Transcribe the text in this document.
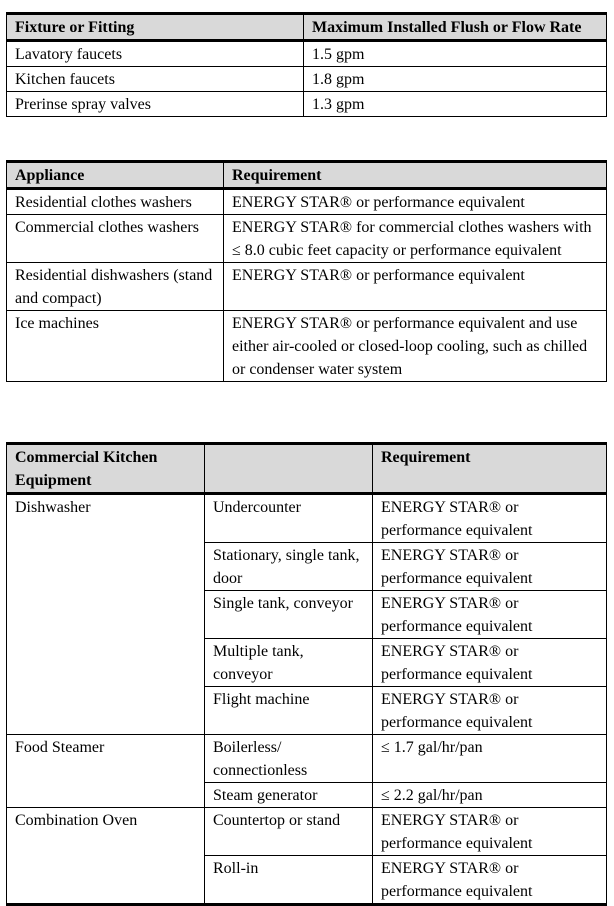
Fixture or Fitting	Maximum Installed Flush or Flow Rate
Lavatory faucets	1.5 gpm
Kitchen faucets	1.8 gpm
Prerinse spray valves	1.3 gpm
Appliance	Requirement
Residential clothes washers	ENERGY STAR® or performance equivalent
Commercial clothes washers	ENERGY STAR® for commercial clothes washers with ≤ 8.0 cubic feet capacity or performance equivalent
Residential dishwashers (stand and compact)	ENERGY STAR® or performance equivalent
Ice machines	ENERGY STAR® or performance equivalent and use either air-cooled or closed-loop cooling, such as chilled or condenser water system
Commercial Kitchen Equipment		Requirement
Dishwasher	Undercounter	ENERGY STAR® or performance equivalent
	Stationary, single tank, door	ENERGY STAR® or performance equivalent
	Single tank, conveyor	ENERGY STAR® or performance equivalent
	Multiple tank, conveyor	ENERGY STAR® or performance equivalent
	Flight machine	ENERGY STAR® or performance equivalent
Food Steamer	Boilerless/ connectionless	≤ 1.7 gal/hr/pan
	Steam generator	≤ 2.2 gal/hr/pan
Combination Oven	Countertop or stand	ENERGY STAR® or performance equivalent
	Roll-in	ENERGY STAR® or performance equivalent
